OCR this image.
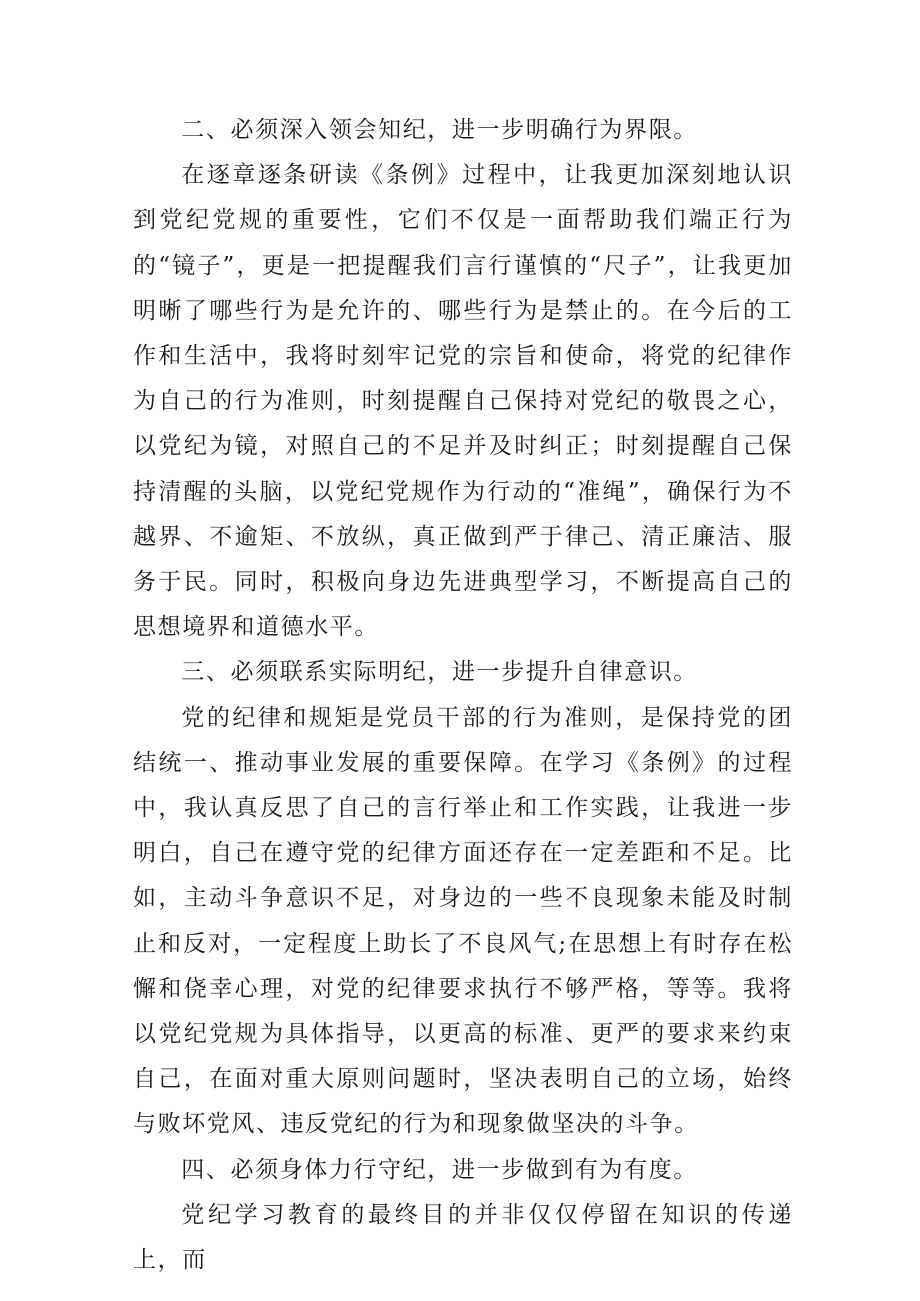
二、必须深入领会知纪，进一步明确行为界限。

在逐章逐条研读《条例》过程中，让我更加深刻地认识到党纪党规的重要性，它们不仅是一面帮助我们端正行为的“镜子”，更是一把提醒我们言行谨慎的“尺子”，让我更加明晰了哪些行为是允许的、哪些行为是禁止的。在今后的工作和生活中，我将时刻牢记党的宗旨和使命，将党的纪律作为自己的行为准则，时刻提醒自己保持对党纪的敬畏之心，以党纪为镜，对照自己的不足并及时纠正；时刻提醒自己保持清醒的头脑，以党纪党规作为行动的“准绳”，确保行为不越界、不逾矩、不放纵，真正做到严于律己、清正廉洁、服务于民。同时，积极向身边先进典型学习，不断提高自己的思想境界和道德水平。

三、必须联系实际明纪，进一步提升自律意识。

党的纪律和规矩是党员干部的行为准则，是保持党的团结统一、推动事业发展的重要保障。在学习《条例》的过程中，我认真反思了自己的言行举止和工作实践，让我进一步明白，自己在遵守党的纪律方面还存在一定差距和不足。比如，主动斗争意识不足，对身边的一些不良现象未能及时制止和反对，一定程度上助长了不良风气;在思想上有时存在松懈和侥幸心理，对党的纪律要求执行不够严格，等等。我将以党纪党规为具体指导，以更高的标准、更严的要求来约束自己，在面对重大原则问题时，坚决表明自己的立场，始终与败坏党风、违反党纪的行为和现象做坚决的斗争。

四、必须身体力行守纪，进一步做到有为有度。

党纪学习教育的最终目的并非仅仅停留在知识的传递上，而
